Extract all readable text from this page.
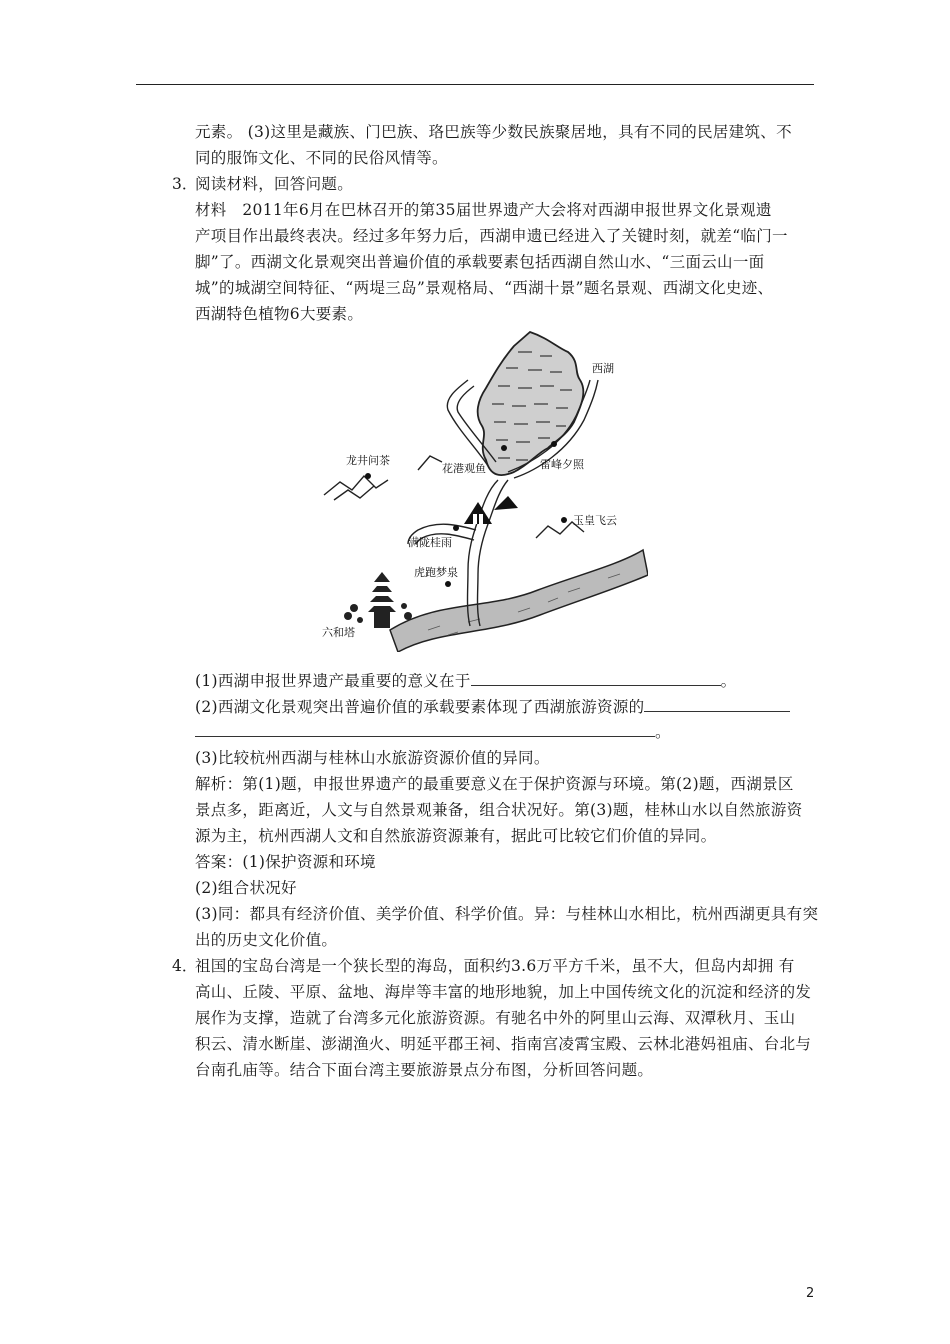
元素。 (3)这里是藏族、门巴族、珞巴族等少数民族聚居地，具有不同的民居建筑、不
同的服饰文化、不同的民俗风情等。
3．
阅读材料，回答问题。
材料　2011年6月在巴林召开的第35届世界遗产大会将对西湖申报世界文化景观遗
产项目作出最终表决。经过多年努力后，西湖申遗已经进入了关键时刻，就差“临门一
脚”了。西湖文化景观突出普遍价值的承载要素包括西湖自然山水、“三面云山一面
城”的城湖空间特征、“两堤三岛”景观格局、“西湖十景”题名景观、西湖文化史迹、
西湖特色植物6大要素。
西湖
龙井问茶
花港观鱼	雷峰夕照
玉皇飞云
满陇桂雨
虎跑梦泉
六和塔
(1)西湖申报世界遗产最重要的意义在于	。
(2)西湖文化景观突出普遍价值的承载要素体现了西湖旅游资源的
。
(3)比较杭州西湖与桂林山水旅游资源价值的异同。
解析：第(1)题，申报世界遗产的最重要意义在于保护资源与环境。第(2)题，西湖景区
景点多，距离近，人文与自然景观兼备，组合状况好。第(3)题，桂林山水以自然旅游资
源为主，杭州西湖人文和自然旅游资源兼有，据此可比较它们价值的异同。
答案：(1)保护资源和环境
(2)组合状况好
(3)同：都具有经济价值、美学价值、科学价值。异：与桂林山水相比，杭州西湖更具有突
出的历史文化价值。
4．
祖国的宝岛台湾是一个狭长型的海岛，面积约3.6万平方千米，虽不大，但岛内却拥 有
高山、丘陵、平原、盆地、海岸等丰富的地形地貌，加上中国传统文化的沉淀和经济的发
展作为支撑，造就了台湾多元化旅游资源。有驰名中外的阿里山云海、双潭秋月、玉山
积云、清水断崖、澎湖渔火、明延平郡王祠、指南宫凌霄宝殿、云林北港妈祖庙、台北与
台南孔庙等。结合下面台湾主要旅游景点分布图，分析回答问题。
2
